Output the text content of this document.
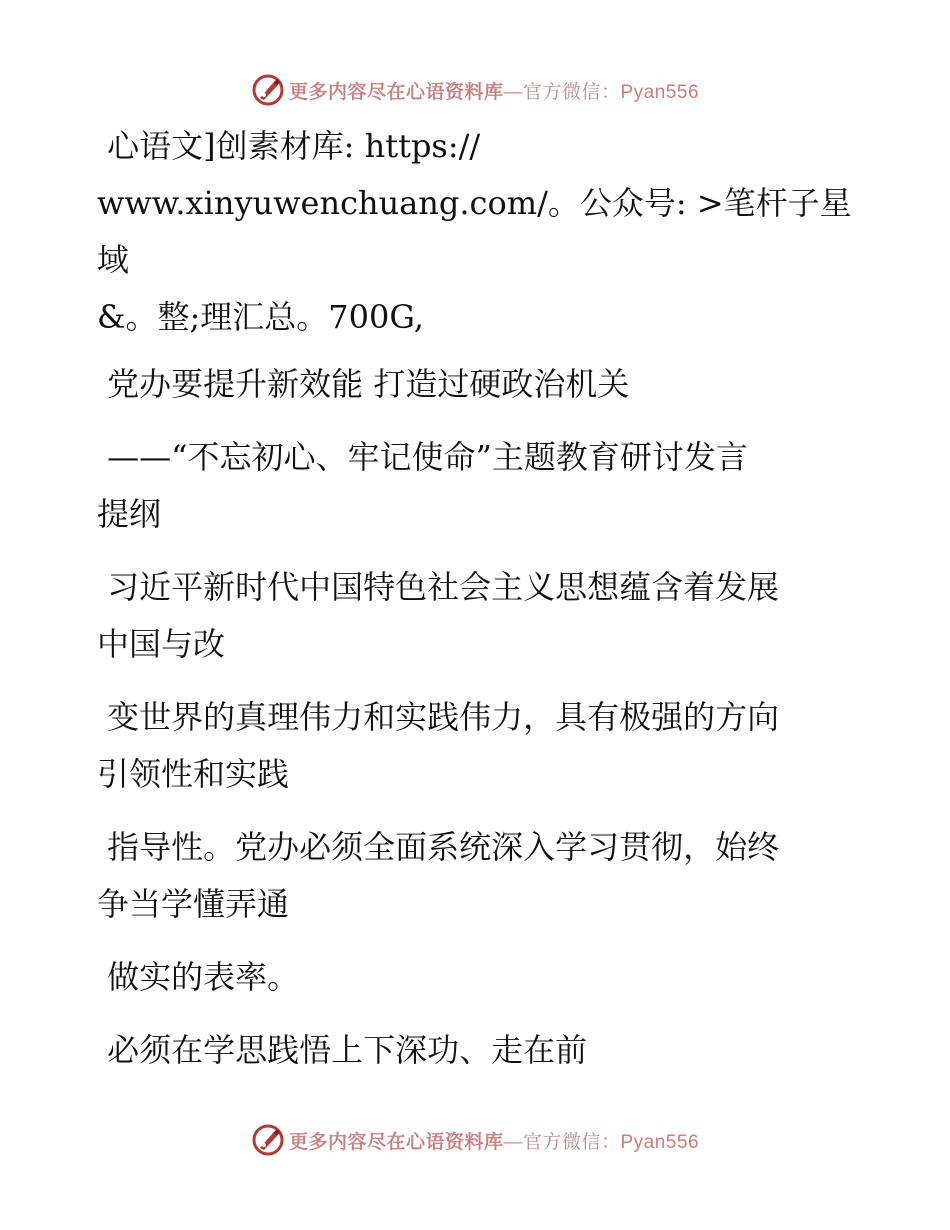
更多内容尽在心语资料库—官方微信：Pyan556

心语文]创素材库: https://

www.xinyuwenchuang.com/。公众号: >笔杆子星域

&。整;理汇总。700G,

党办要提升新效能 打造过硬政治机关

——“不忘初心、牢记使命”主题教育研讨发言

提纲

习近平新时代中国特色社会主义思想蕴含着发展

中国与改

变世界的真理伟力和实践伟力，具有极强的方向

引领性和实践

指导性。党办必须全面系统深入学习贯彻，始终

争当学懂弄通

做实的表率。

必须在学思践悟上下深功、走在前

更多内容尽在心语资料库—官方微信：Pyan556
